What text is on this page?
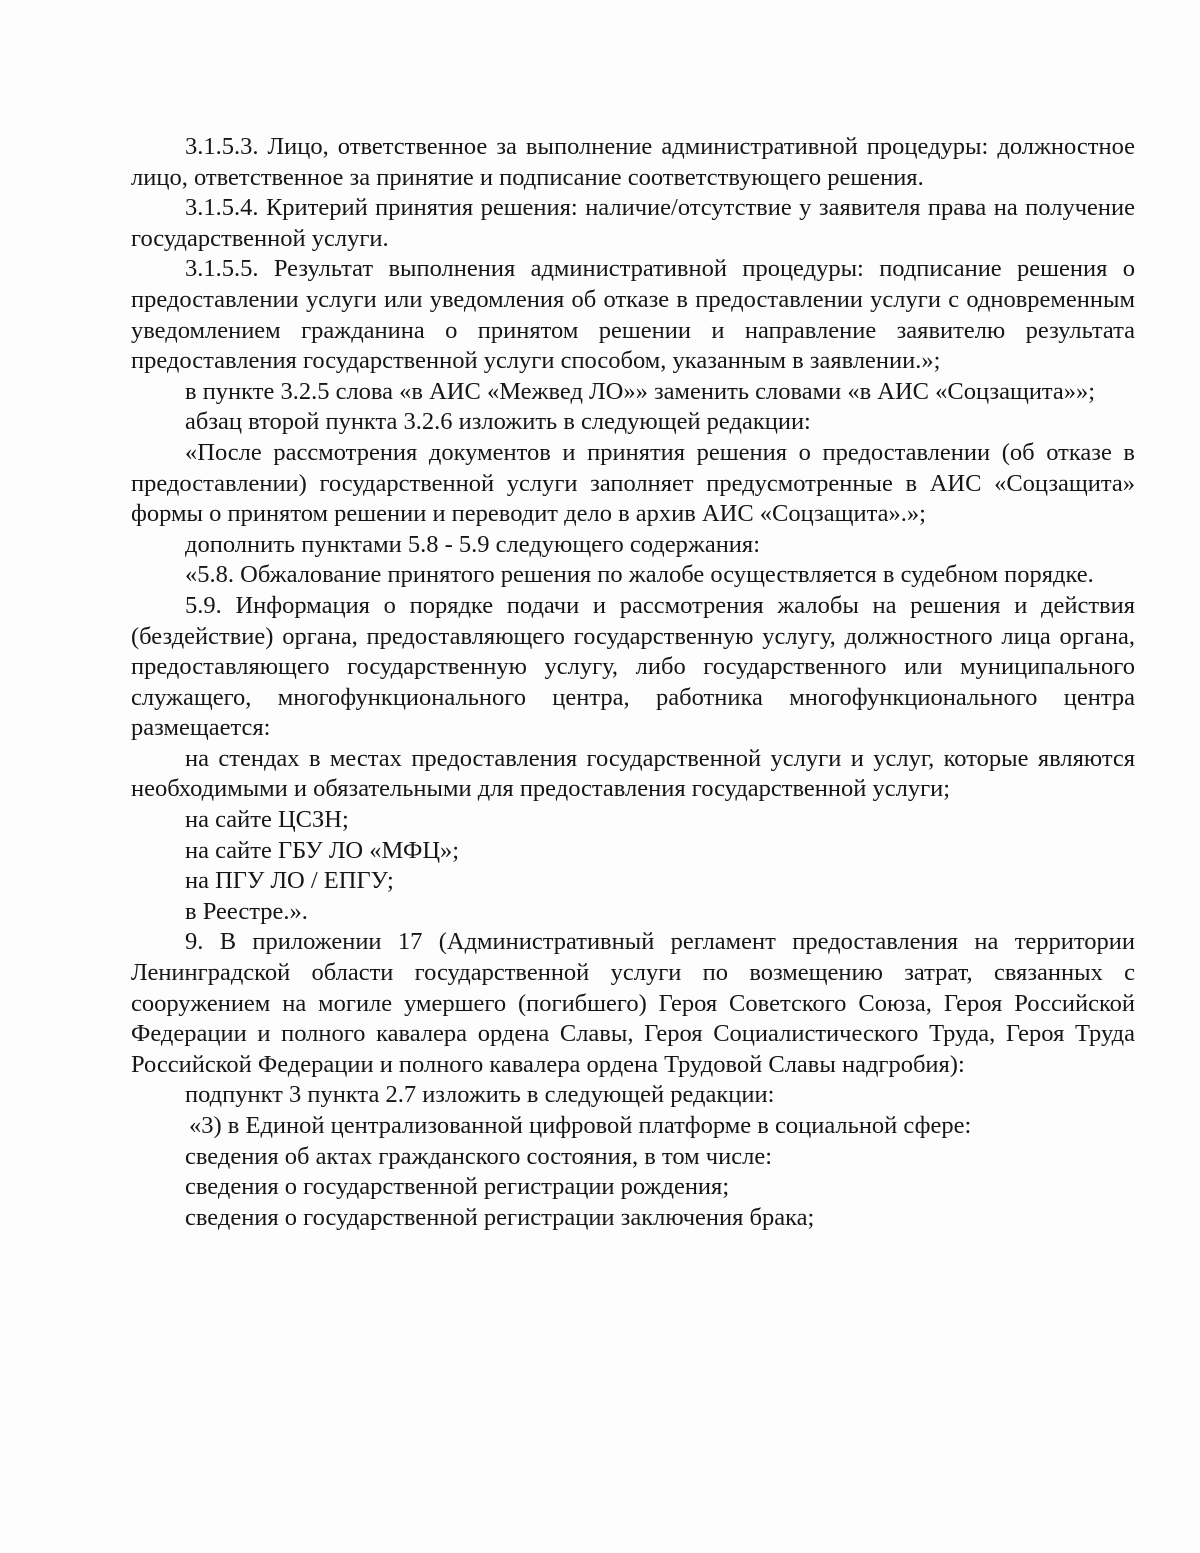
3.1.5.3. Лицо, ответственное за выполнение административной процедуры: должностное лицо, ответственное за принятие и подписание соответствующего решения.

3.1.5.4. Критерий принятия решения: наличие/отсутствие у заявителя права на получение государственной услуги.

3.1.5.5. Результат выполнения административной процедуры: подписание решения о предоставлении услуги или уведомления об отказе в предоставлении услуги с одновременным уведомлением гражданина о принятом решении и направление заявителю результата предоставления государственной услуги способом, указанным в заявлении.»;

в пункте 3.2.5 слова «в АИС «Межвед ЛО»» заменить словами «в АИС «Соцзащита»»;

абзац второй пункта 3.2.6 изложить в следующей редакции:

«После рассмотрения документов и принятия решения о предоставлении (об отказе в предоставлении) государственной услуги заполняет предусмотренные в АИС «Соцзащита» формы о принятом решении и переводит дело в архив АИС «Соцзащита».»;

дополнить пунктами 5.8 - 5.9 следующего содержания:

«5.8. Обжалование принятого решения по жалобе осуществляется в судебном порядке.

5.9. Информация о порядке подачи и рассмотрения жалобы на решения и действия (бездействие) органа, предоставляющего государственную услугу, должностного лица органа, предоставляющего государственную услугу, либо государственного или муниципального служащего, многофункционального центра, работника многофункционального центра размещается:

на стендах в местах предоставления государственной услуги и услуг, которые являются необходимыми и обязательными для предоставления государственной услуги;

на сайте ЦСЗН;

на сайте ГБУ ЛО «МФЦ»;

на ПГУ ЛО / ЕПГУ;

в Реестре.».

9. В приложении 17 (Административный регламент предоставления на территории Ленинградской области государственной услуги по возмещению затрат, связанных с сооружением на могиле умершего (погибшего) Героя Советского Союза, Героя Российской Федерации и полного кавалера ордена Славы, Героя Социалистического Труда, Героя Труда Российской Федерации и полного кавалера ордена Трудовой Славы надгробия):

подпункт 3 пункта 2.7 изложить в следующей редакции:

«3) в Единой централизованной цифровой платформе в социальной сфере:

сведения об актах гражданского состояния, в том числе:

сведения о государственной регистрации рождения;

сведения о государственной регистрации заключения брака;
